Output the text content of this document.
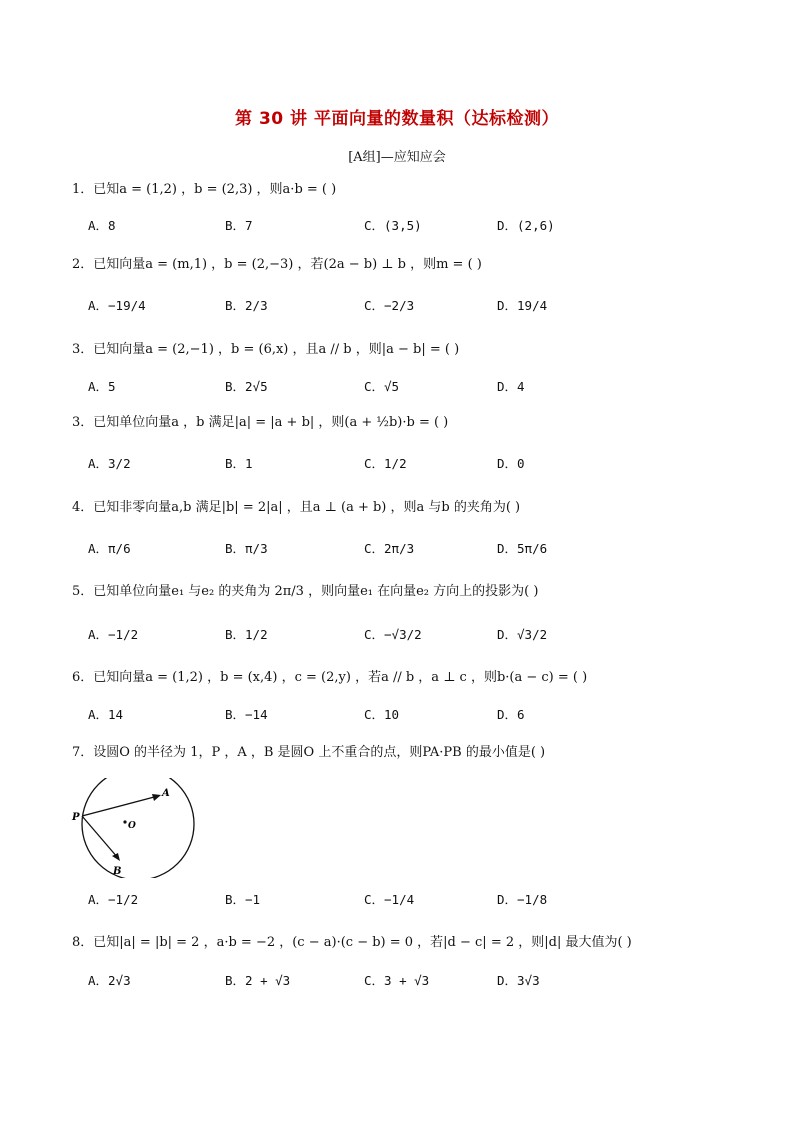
第 30 讲 平面向量的数量积（达标检测）
[A组]—应知应会
1．已知a = (1,2) ，b = (2,3) ，则a·b = ( )
A．8	B．7	C．(3,5)	D．(2,6)
2．已知向量a = (m,1) ，b = (2,−3) ，若(2a − b) ⊥ b ，则m = ( )
A．−19/4	B．2/3	C．−2/3	D．19/4
3．已知向量a = (2,−1) ，b = (6,x) ，且a // b ，则|a − b| = ( )
A．5	B．2√5	C．√5	D．4
3．已知单位向量a ，b 满足|a| = |a + b| ，则(a + ½b)·b = ( )
A．3/2	B．1	C．1/2	D．0
4．已知非零向量a,b 满足|b| = 2|a| ，且a ⊥ (a + b) ，则a 与b 的夹角为( )
A．π/6	B．π/3	C．2π/3	D．5π/6
5．已知单位向量e₁ 与e₂ 的夹角为 2π/3 ，则向量e₁ 在向量e₂ 方向上的投影为( )
A．−1/2	B．1/2	C．−√3/2	D．√3/2
6．已知向量a = (1,2) ，b = (x,4) ，c = (2,y) ，若a // b ，a ⊥ c ，则b·(a − c) = ( )
A．14	B．−14	C．10	D．6
7．设圆O 的半径为 1，P ，A ，B 是圆O 上不重合的点，则PA·PB 的最小值是( )
P
A
B
O
A．−1/2	B．−1	C．−1/4	D．−1/8
8．已知|a| = |b| = 2 ，a·b = −2 ，(c − a)·(c − b) = 0 ，若|d − c| = 2 ，则|d| 最大值为( )
A．2√3	B．2 + √3	C．3 + √3	D．3√3
